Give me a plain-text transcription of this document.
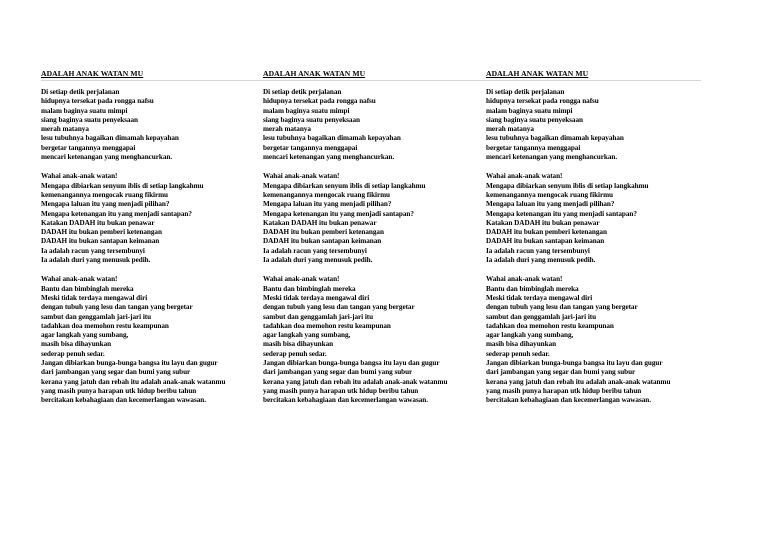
ADALAH ANAK WATAN MU
Di setiap detik perjalanan
hidupnya tersekat pada rongga nafsu
malam baginya suatu mimpi
siang baginya suatu penyeksaan
merah matanya
lesu tubuhnya bagaikan dimamah kepayahan
bergetar tangannya menggapai
mencari ketenangan yang menghancurkan.
Wahai anak-anak watan!
Mengapa dibiarkan senyum iblis di setiap langkahmu
kemenangannya mengocak ruang fikirmu
Mengapa laluan itu yang menjadi pilihan?
Mengapa ketenangan itu yang menjadi santapan?
Katakan DADAH itu bukan penawar
DADAH itu bukan pemberi ketenangan
DADAH itu bukan santapan keimanan
Ia adalah racun yang tersembunyi
Ia adalah duri yang menusuk pedih.
Wahai anak-anak watan!
Bantu dan bimbinglah mereka
Meski tidak terdaya mengawal diri
dengan tubuh yang lesu dan tangan yang bergetar
sambut dan genggamlah jari-jari itu
tadahkan doa memohon restu keampunan
agar langkah yang sumbang,
masih bisa dihayunkan
sederap penuh sedar.
Jangan dibiarkan bunga-bunga bangsa itu layu dan gugur
dari jambangan yang segar dan bumi yang subur
kerana yang jatuh dan rebah itu adalah anak-anak watanmu
yang masih punya harapan utk hidup beribu tahun
bercitakan kebahagiaan dan kecemerlangan wawasan.
ADALAH ANAK WATAN MU
Di setiap detik perjalanan
hidupnya tersekat pada rongga nafsu
malam baginya suatu mimpi
siang baginya suatu penyeksaan
merah matanya
lesu tubuhnya bagaikan dimamah kepayahan
bergetar tangannya menggapai
mencari ketenangan yang menghancurkan.
Wahai anak-anak watan!
Mengapa dibiarkan senyum iblis di setiap langkahmu
kemenangannya mengocak ruang fikirmu
Mengapa laluan itu yang menjadi pilihan?
Mengapa ketenangan itu yang menjadi santapan?
Katakan DADAH itu bukan penawar
DADAH itu bukan pemberi ketenangan
DADAH itu bukan santapan keimanan
Ia adalah racun yang tersembunyi
Ia adalah duri yang menusuk pedih.
Wahai anak-anak watan!
Bantu dan bimbinglah mereka
Meski tidak terdaya mengawal diri
dengan tubuh yang lesu dan tangan yang bergetar
sambut dan genggamlah jari-jari itu
tadahkan doa memohon restu keampunan
agar langkah yang sumbang,
masih bisa dihayunkan
sederap penuh sedar.
Jangan dibiarkan bunga-bunga bangsa itu layu dan gugur
dari jambangan yang segar dan bumi yang subur
kerana yang jatuh dan rebah itu adalah anak-anak watanmu
yang masih punya harapan utk hidup beribu tahun
bercitakan kebahagiaan dan kecemerlangan wawasan.
ADALAH ANAK WATAN MU
Di setiap detik perjalanan
hidupnya tersekat pada rongga nafsu
malam baginya suatu mimpi
siang baginya suatu penyeksaan
merah matanya
lesu tubuhnya bagaikan dimamah kepayahan
bergetar tangannya menggapai
mencari ketenangan yang menghancurkan.
Wahai anak-anak watan!
Mengapa dibiarkan senyum iblis di setiap langkahmu
kemenangannya mengocak ruang fikirmu
Mengapa laluan itu yang menjadi pilihan?
Mengapa ketenangan itu yang menjadi santapan?
Katakan DADAH itu bukan penawar
DADAH itu bukan pemberi ketenangan
DADAH itu bukan santapan keimanan
Ia adalah racun yang tersembunyi
Ia adalah duri yang menusuk pedih.
Wahai anak-anak watan!
Bantu dan bimbinglah mereka
Meski tidak terdaya mengawal diri
dengan tubuh yang lesu dan tangan yang bergetar
sambut dan genggamlah jari-jari itu
tadahkan doa memohon restu keampunan
agar langkah yang sumbang,
masih bisa dihayunkan
sederap penuh sedar.
Jangan dibiarkan bunga-bunga bangsa itu layu dan gugur
dari jambangan yang segar dan bumi yang subur
kerana yang jatuh dan rebah itu adalah anak-anak watanmu
yang masih punya harapan utk hidup beribu tahun
bercitakan kebahagiaan dan kecemerlangan wawasan.
